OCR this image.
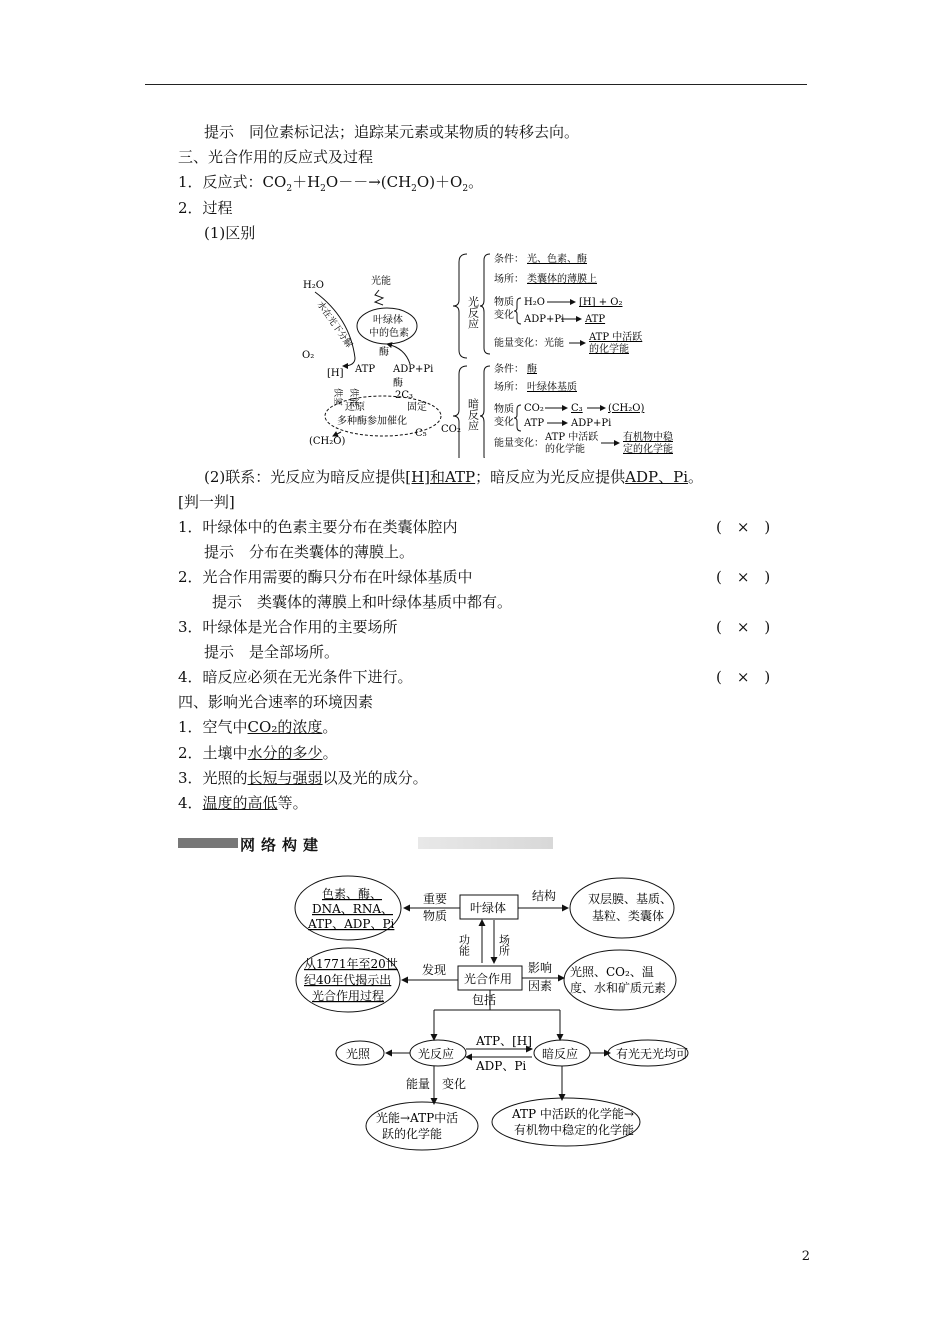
提示　同位素标记法；追踪某元素或某物质的转移去向。
三、光合作用的反应式及过程
1．反应式：$CO_2+H_2O--\to(CH_2O)+O_2$。
2．过程
(1)区别
H₂O	光能
水在光下分解
O₂
叶绿体
中的色素
酶
[H] ATP ADP+Pi
供能
供氢
酶
2C₃
还原	固定
多种酶参加催化
C₅ CO₂
(CH₂O)
光反应
条件： 光、色素、酶
场所： 类囊体的薄膜上
物质
变化
H₂O	[H] + O₂
ADP+Pi ATP
能量变化：光能
ATP 中活跃
的化学能
暗反应
条件： 酶
场所： 叶绿体基质
物质
变化
CO₂	C₃	(CH₂O)
ATP	ADP+Pi
能量变化：
ATP 中活跃
的化学能
有机物中稳
定的化学能
(2)联系：光反应为暗反应提供[H]和ATP；暗反应为光反应提供ADP、Pi。
[判一判]
1．叶绿体中的色素主要分布在类囊体腔内	(　×　)
提示　分布在类囊体的薄膜上。
2．光合作用需要的酶只分布在叶绿体基质中	(　×　)
提示　类囊体的薄膜上和叶绿体基质中都有。
3．叶绿体是光合作用的主要场所	(　×　)
提示　是全部场所。
4．暗反应必须在无光条件下进行。	(　×　)
四、影响光合速率的环境因素
1．空气中CO₂的浓度。
2．土壤中水分的多少。
3．光照的长短与强弱以及光的成分。
4．温度的高低等。
网络构建
色素、酶、
DNA、RNA、
ATP、ADP、Pi
重要
物质
叶绿体
结构	双层膜、基质、
基粒、类囊体
功能 场所
从1771年至20世
纪40年代揭示出
光合作用过程
发现
光合作用
影响
因素
光照、CO₂、温
度、水和矿质元素
包括
光照	光反应
ATP、[H]
ADP、Pi
暗反应	有光无光均可
能量　变化
光能→ATP中活
跃的化学能
ATP 中活跃的化学能→
有机物中稳定的化学能
2
